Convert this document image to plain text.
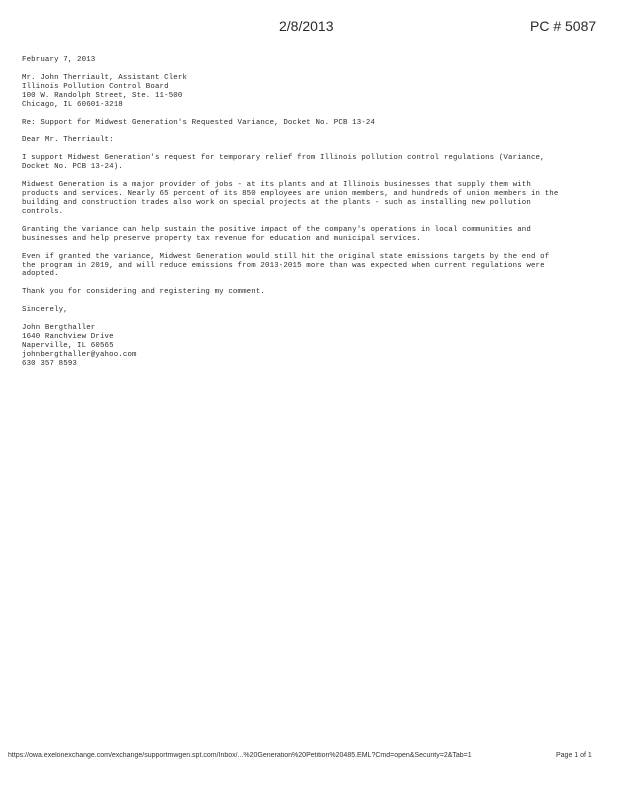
2/8/2013	PC # 5087
February 7, 2013
Mr. John Therriault, Assistant Clerk
Illinois Pollution Control Board
100 W. Randolph Street, Ste. 11-500
Chicago, IL 60601-3218
Re: Support for Midwest Generation's Requested Variance, Docket No. PCB 13-24
Dear Mr. Therriault:
I support Midwest Generation's request for temporary relief from Illinois pollution control regulations (Variance,
Docket No. PCB 13-24).
Midwest Generation is a major provider of jobs - at its plants and at Illinois businesses that supply them with
products and services. Nearly 65 percent of its 850 employees are union members, and hundreds of union members in the
building and construction trades also work on special projects at the plants - such as installing new pollution
controls.
Granting the variance can help sustain the positive impact of the company's operations in local communities and
businesses and help preserve property tax revenue for education and municipal services.
Even if granted the variance, Midwest Generation would still hit the original state emissions targets by the end of
the program in 2019, and will reduce emissions from 2013-2015 more than was expected when current regulations were
adopted.
Thank you for considering and registering my comment.
Sincerely,
John Bergthaller
1640 Ranchview Drive
Naperville, IL 60565
johnbergthaller@yahoo.com
630 357 8593
https://owa.exelonexchange.com/exchange/supportmwgen.spt.com/Inbox/...%20Generation%20Petition%20485.EML?Cmd=open&Security=2&Tab=1	Page 1 of 1
